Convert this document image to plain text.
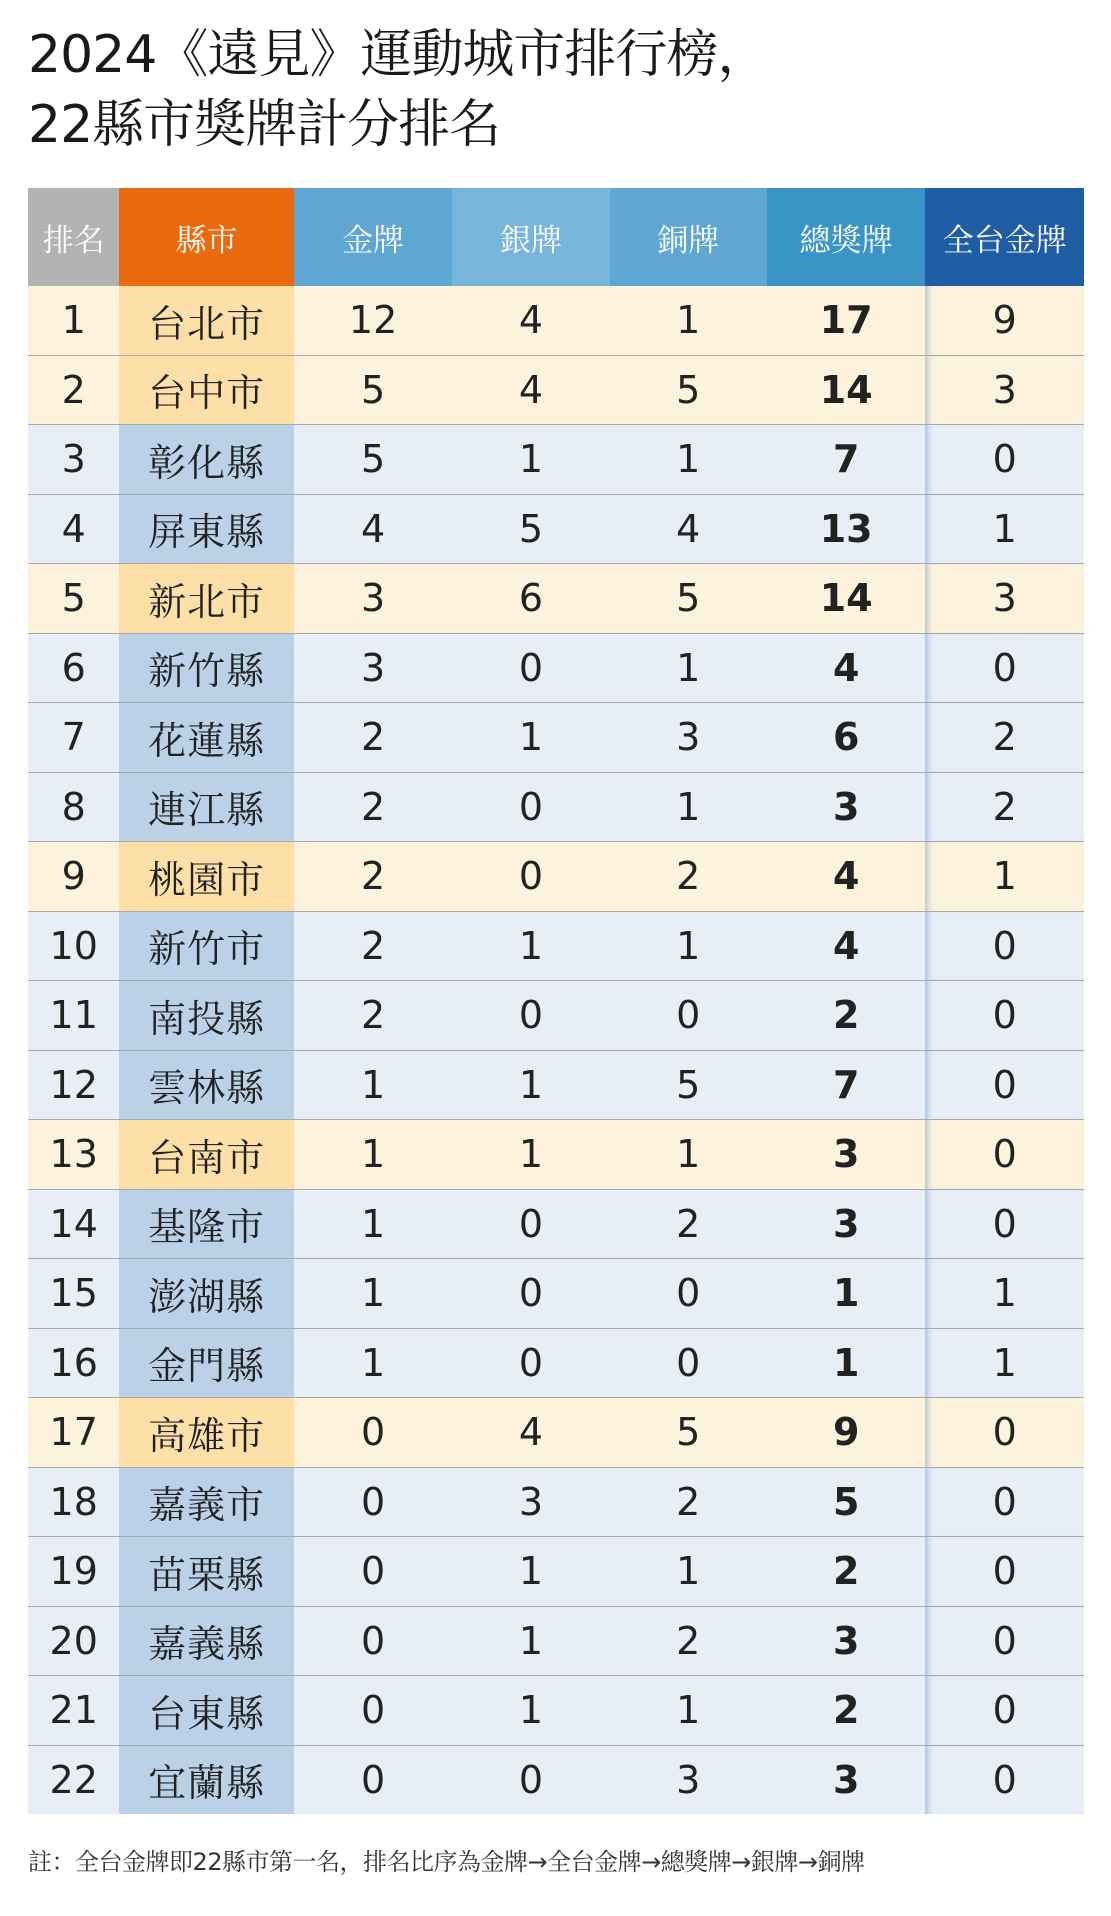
2024《遠見》運動城市排行榜，
22縣市獎牌計分排名
排名	縣市	金牌	銀牌	銅牌	總獎牌	全台金牌
1	台北市	12	4	1	17	9
2	台中市	5	4	5	14	3
3	彰化縣	5	1	1	7	0
4	屏東縣	4	5	4	13	1
5	新北市	3	6	5	14	3
6	新竹縣	3	0	1	4	0
7	花蓮縣	2	1	3	6	2
8	連江縣	2	0	1	3	2
9	桃園市	2	0	2	4	1
10	新竹市	2	1	1	4	0
11	南投縣	2	0	0	2	0
12	雲林縣	1	1	5	7	0
13	台南市	1	1	1	3	0
14	基隆市	1	0	2	3	0
15	澎湖縣	1	0	0	1	1
16	金門縣	1	0	0	1	1
17	高雄市	0	4	5	9	0
18	嘉義市	0	3	2	5	0
19	苗栗縣	0	1	1	2	0
20	嘉義縣	0	1	2	3	0
21	台東縣	0	1	1	2	0
22	宜蘭縣	0	0	3	3	0
註：全台金牌即22縣市第一名，排名比序為金牌→全台金牌→總獎牌→銀牌→銅牌
